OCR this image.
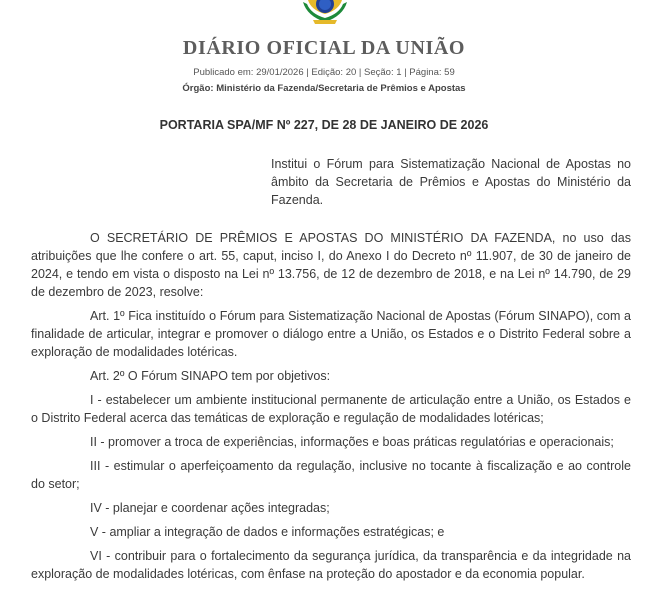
DIÁRIO OFICIAL DA UNIÃO
Publicado em: 29/01/2026 | Edição: 20 | Seção: 1 | Página: 59
Órgão: Ministério da Fazenda/Secretaria de Prêmios e Apostas
PORTARIA SPA/MF Nº 227, DE 28 DE JANEIRO DE 2026
Institui o Fórum para Sistematização Nacional de Apostas no âmbito da Secretaria de Prêmios e Apostas do Ministério da Fazenda.

O SECRETÁRIO DE PRÊMIOS E APOSTAS DO MINISTÉRIO DA FAZENDA, no uso das atribuições que lhe confere o art. 55, caput, inciso I, do Anexo I do Decreto nº 11.907, de 30 de janeiro de 2024, e tendo em vista o disposto na Lei nº 13.756, de 12 de dezembro de 2018, e na Lei nº 14.790, de 29 de dezembro de 2023, resolve:

Art. 1º Fica instituído o Fórum para Sistematização Nacional de Apostas (Fórum SINAPO), com a finalidade de articular, integrar e promover o diálogo entre a União, os Estados e o Distrito Federal sobre a exploração de modalidades lotéricas.

Art. 2º O Fórum SINAPO tem por objetivos:

I - estabelecer um ambiente institucional permanente de articulação entre a União, os Estados e o Distrito Federal acerca das temáticas de exploração e regulação de modalidades lotéricas;

II - promover a troca de experiências, informações e boas práticas regulatórias e operacionais;

III - estimular o aperfeiçoamento da regulação, inclusive no tocante à fiscalização e ao controle do setor;

IV - planejar e coordenar ações integradas;

V - ampliar a integração de dados e informações estratégicas; e

VI - contribuir para o fortalecimento da segurança jurídica, da transparência e da integridade na exploração de modalidades lotéricas, com ênfase na proteção do apostador e da economia popular.
